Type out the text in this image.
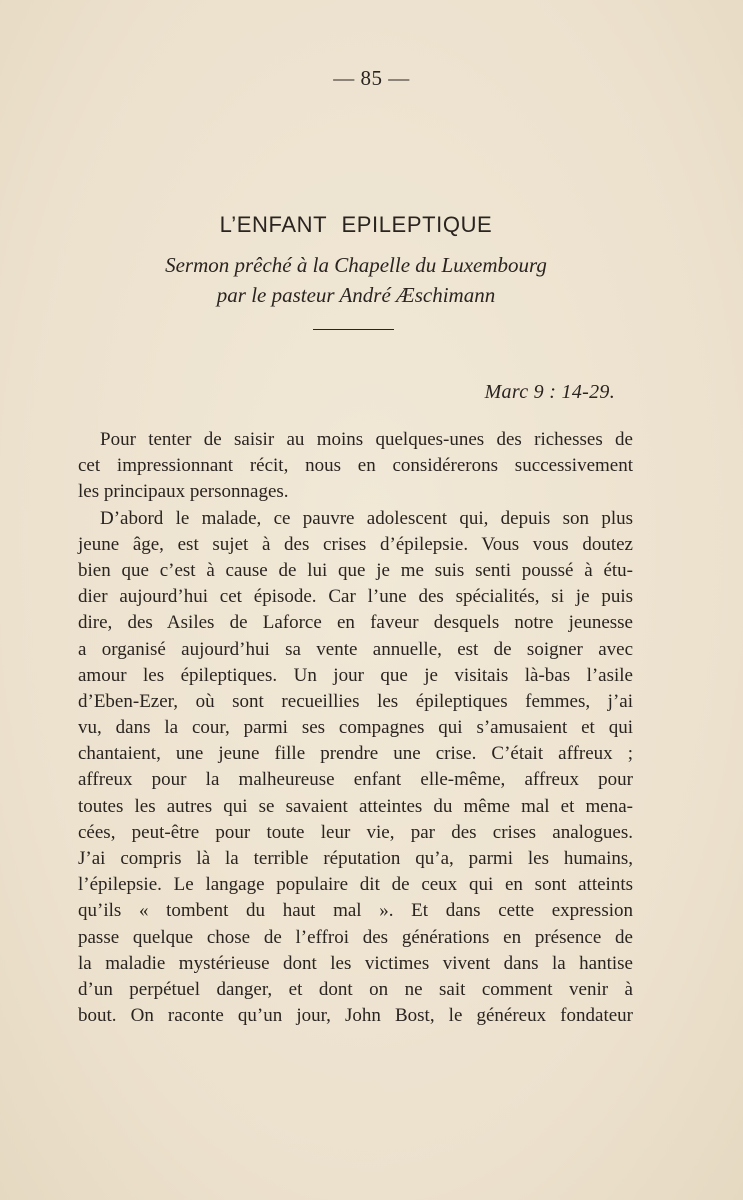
— 85 —
L’ENFANT EPILEPTIQUE
Sermon prêché à la Chapelle du Luxembourg
par le pasteur André Æschimann
Marc 9 : 14-29.
Pour tenter de saisir au moins quelques-unes des richesses de
cet impressionnant récit, nous en considérerons successivement
les principaux personnages.
D’abord le malade, ce pauvre adolescent qui, depuis son plus
jeune âge, est sujet à des crises d’épilepsie. Vous vous doutez
bien que c’est à cause de lui que je me suis senti poussé à étu-
dier aujourd’hui cet épisode. Car l’une des spécialités, si je puis
dire, des Asiles de Laforce en faveur desquels notre jeunesse
a organisé aujourd’hui sa vente annuelle, est de soigner avec
amour les épileptiques. Un jour que je visitais là-bas l’asile
d’Eben-Ezer, où sont recueillies les épileptiques femmes, j’ai
vu, dans la cour, parmi ses compagnes qui s’amusaient et qui
chantaient, une jeune fille prendre une crise. C’était affreux ;
affreux pour la malheureuse enfant elle-même, affreux pour
toutes les autres qui se savaient atteintes du même mal et mena-
cées, peut-être pour toute leur vie, par des crises analogues.
J’ai compris là la terrible réputation qu’a, parmi les humains,
l’épilepsie. Le langage populaire dit de ceux qui en sont atteints
qu’ils « tombent du haut mal ». Et dans cette expression
passe quelque chose de l’effroi des générations en présence de
la maladie mystérieuse dont les victimes vivent dans la hantise
d’un perpétuel danger, et dont on ne sait comment venir à
bout. On raconte qu’un jour, John Bost, le généreux fondateur
